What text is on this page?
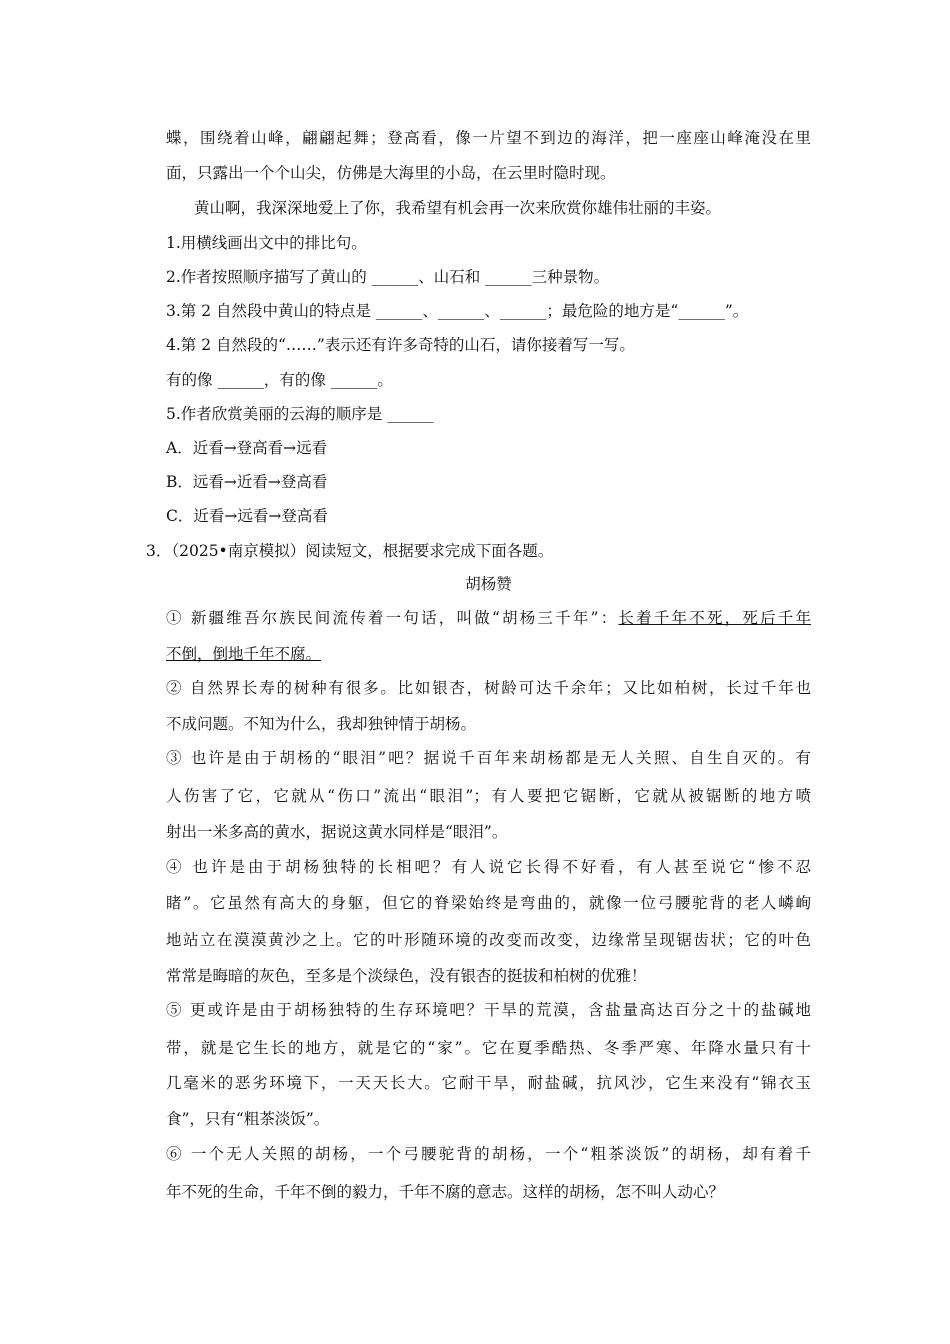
蝶，围绕着山峰，翩翩起舞；登高看，像一片望不到边的海洋，把一座座山峰淹没在里
面，只露出一个个山尖，仿佛是大海里的小岛，在云里时隐时现。
黄山啊，我深深地爱上了你，我希望有机会再一次来欣赏你雄伟壮丽的丰姿。
1.用横线画出文中的排比句。
2.作者按照顺序描写了黄山的 ______、山石和 ______三种景物。
3.第 2 自然段中黄山的特点是 ______、______、______；最危险的地方是“______”。
4.第 2 自然段的“……”表示还有许多奇特的山石，请你接着写一写。
有的像 ______，有的像 ______。
5.作者欣赏美丽的云海的顺序是 ______
A．近看→登高看→远看
B．远看→近看→登高看
C．近看→远看→登高看
3．（2025•南京模拟）阅读短文，根据要求完成下面各题。
胡杨赞
① 新疆维吾尔族民间流传着一句话，叫做“胡杨三千年”：长着千年不死，死后千年
不倒，倒地千年不腐。
② 自然界长寿的树种有很多。比如银杏，树龄可达千余年；又比如柏树，长过千年也
不成问题。不知为什么，我却独钟情于胡杨。
③ 也许是由于胡杨的“眼泪”吧？据说千百年来胡杨都是无人关照、自生自灭的。有
人伤害了它，它就从“伤口”流出“眼泪”；有人要把它锯断，它就从被锯断的地方喷
射出一米多高的黄水，据说这黄水同样是“眼泪”。
④ 也许是由于胡杨独特的长相吧？有人说它长得不好看，有人甚至说它“惨不忍
睹”。它虽然有高大的身躯，但它的脊梁始终是弯曲的，就像一位弓腰驼背的老人嶙峋
地站立在漠漠黄沙之上。它的叶形随环境的改变而改变，边缘常呈现锯齿状；它的叶色
常常是晦暗的灰色，至多是个淡绿色，没有银杏的挺拔和柏树的优雅！
⑤ 更或许是由于胡杨独特的生存环境吧？干旱的荒漠，含盐量高达百分之十的盐碱地
带，就是它生长的地方，就是它的“家”。它在夏季酷热、冬季严寒、年降水量只有十
几毫米的恶劣环境下，一天天长大。它耐干旱，耐盐碱，抗风沙，它生来没有“锦衣玉
食”，只有“粗茶淡饭”。
⑥ 一个无人关照的胡杨，一个弓腰驼背的胡杨，一个“粗茶淡饭”的胡杨，却有着千
年不死的生命，千年不倒的毅力，千年不腐的意志。这样的胡杨，怎不叫人动心？
